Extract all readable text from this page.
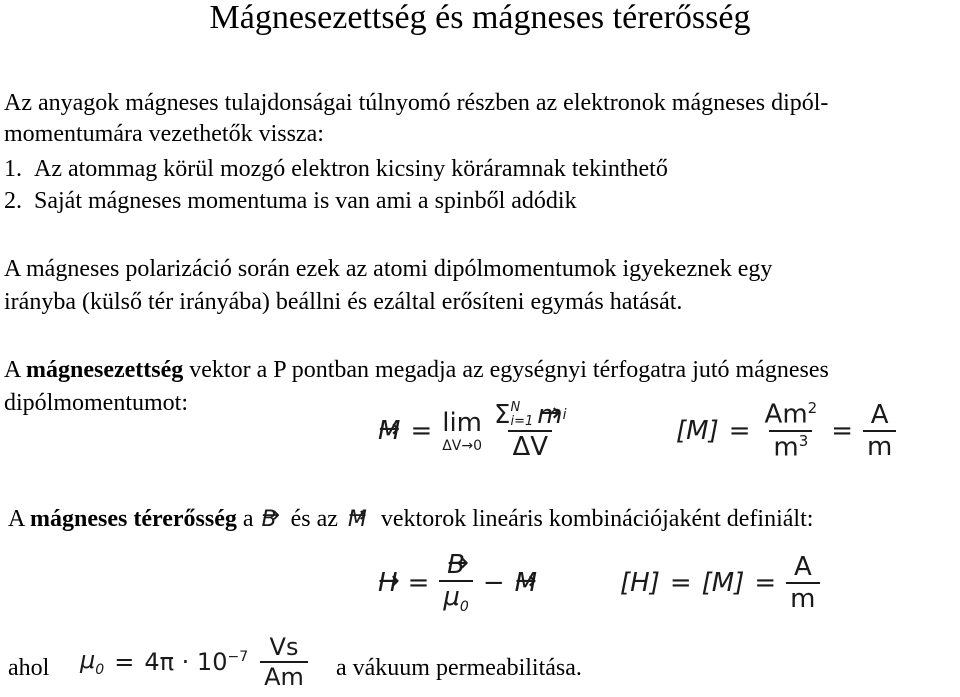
Mágnesezettség és mágneses térerősség
Az anyagok mágneses tulajdonságai túlnyomó részben az elektronok mágneses dipól-
momentumára vezethetők vissza:
1. Az atommag körül mozgó elektron kicsiny köráramnak tekinthető
2. Saját mágneses momentuma is van ami a spinből adódik
A mágneses polarizáció során ezek az atomi dipólmomentumok igyekeznek egy
irányba (külső tér irányába) beállni és ezáltal erősíteni egymás hatását.
A mágnesezettség vektor a P pontban megadja az egységnyi térfogatra jutó mágneses
dipólmomentumot:
M → = lim
ΔV→0 Σ N
i=1 m → i
ΔV	$[M] = \frac{Am^2}{m^3} = \frac{A}{m}$
A mágneses térerősség a B → és az M → vektorok lineáris kombinációjaként definiált:
H → = $\frac{B \to}{\mu_0} - M$ →	$[H] = [M] = \frac{A}{m}$
ahol $\mu_0 = 4\pi \cdot 10^{-7} \frac{Vs}{Am}$ a vákuum permeabilitása.
